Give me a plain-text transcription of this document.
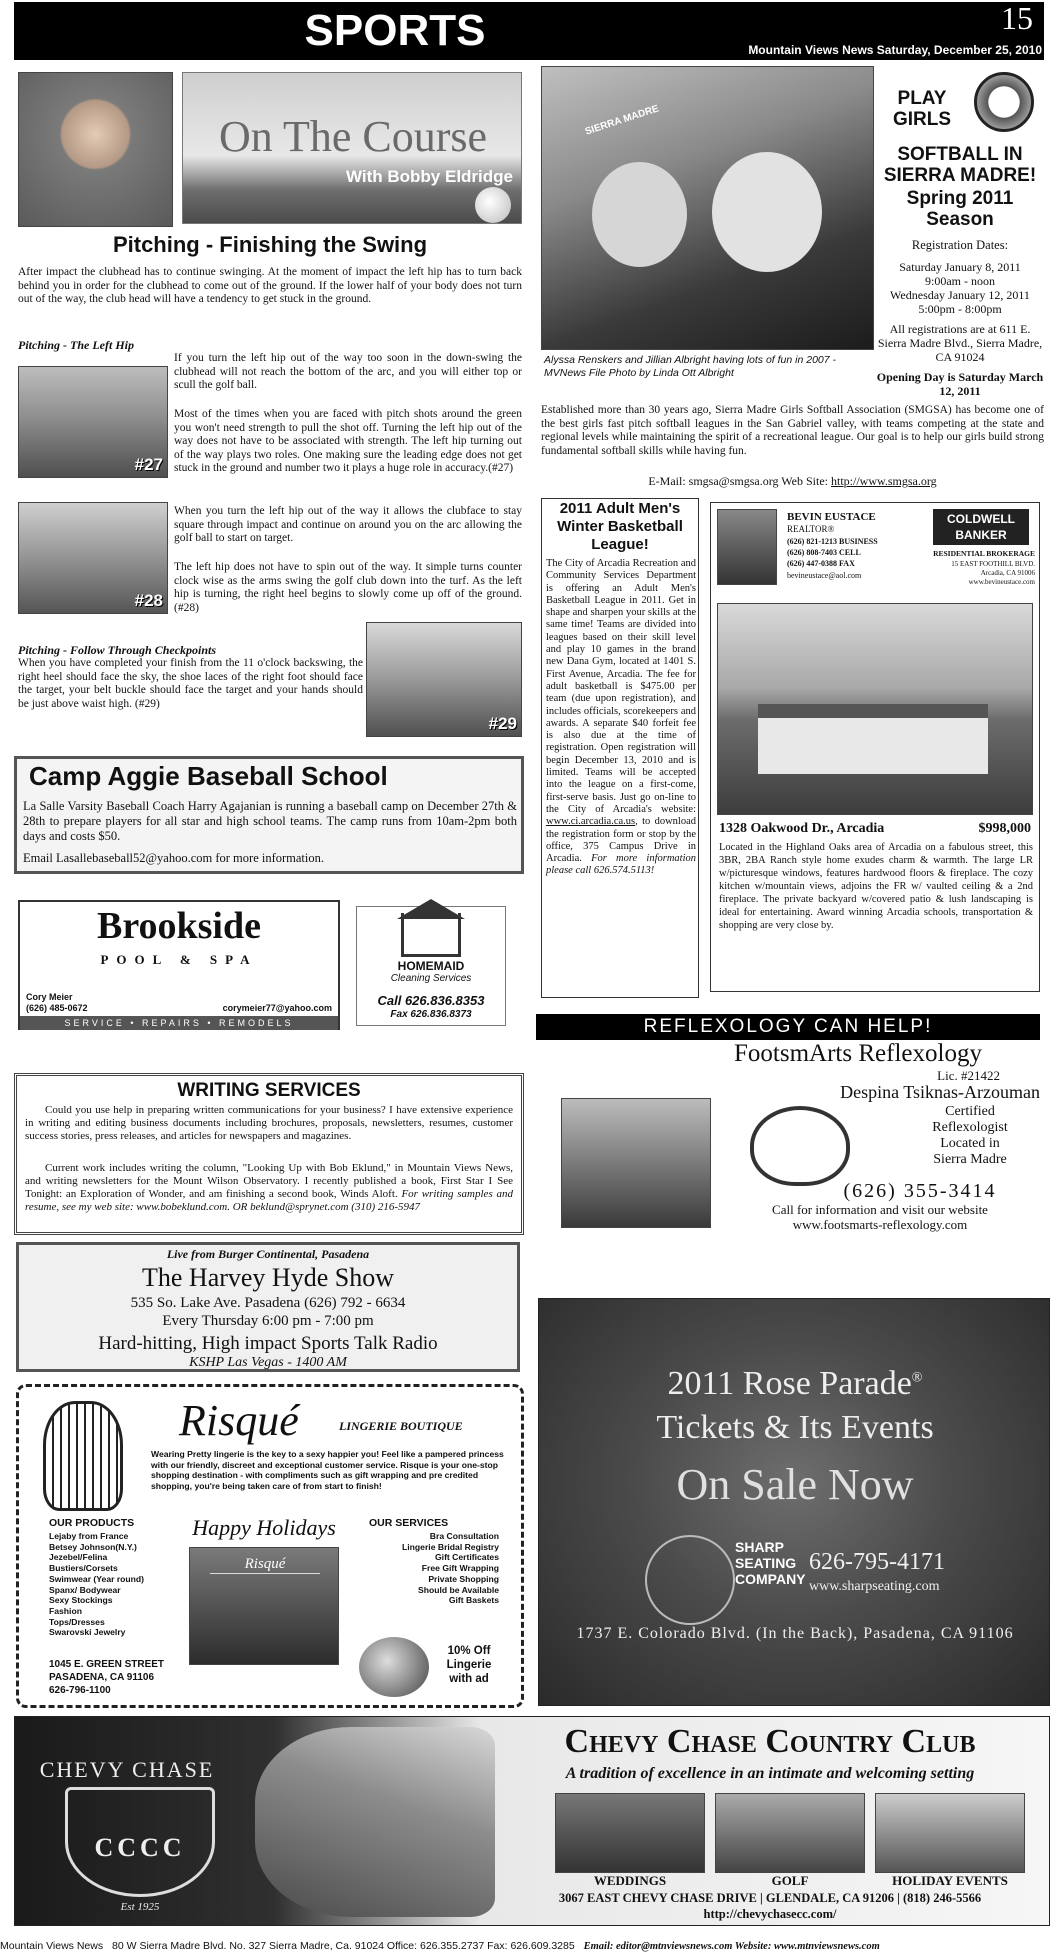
SPORTS	15
Mountain Views News Saturday, December 25, 2010
On The Course
With Bobby Eldridge
Pitching - Finishing the Swing

After impact the clubhead has to continue swinging. At the moment of impact the left hip has to turn back behind you in order for the clubhead to come out of the ground. If the lower half of your body does not turn out of the way, the club head will have a tendency to get stuck in the ground.

Pitching - The Left Hip

#27

If you turn the left hip out of the way too soon in the down-swing the clubhead will not reach the bottom of the arc, and you will either top or scull the golf ball.

Most of the times when you are faced with pitch shots around the green you won't need strength to pull the shot off. Turning the left hip out of the way does not have to be associated with strength. The left hip turning out of the way plays two roles. One making sure the leading edge does not get stuck in the ground and number two it plays a huge role in accuracy.(#27)

#28

When you turn the left hip out of the way it allows the clubface to stay square through impact and continue on around you on the arc allowing the golf ball to start on target.

The left hip does not have to spin out of the way. It simple turns counter clock wise as the arms swing the golf club down into the turf. As the left hip is turning, the right heel begins to slowly come up off of the ground. (#28)

Pitching - Follow Through Checkpoints

When you have completed your finish from the 11 o'clock backswing, the right heel should face the sky, the shoe laces of the right foot should face the target, your belt buckle should face the target and your hands should be just above waist high. (#29)

#29
SIERRA MADRE

Alyssa Renskers and Jillian Albright having lots of fun in 2007 - MVNews File Photo by Linda Ott Albright

PLAY GIRLS
SOFTBALL IN SIERRA MADRE!
Spring 2011 Season
Registration Dates:
Saturday January 8, 2011
9:00am - noon
Wednesday January 12, 2011
5:00pm - 8:00pm
All registrations are at 611 E. Sierra Madre Blvd., Sierra Madre, CA 91024
Opening Day is Saturday March 12, 2011

Established more than 30 years ago, Sierra Madre Girls Softball Association (SMGSA) has become one of the best girls fast pitch softball leagues in the San Gabriel valley, with teams competing at the state and regional levels while maintaining the spirit of a recreational league. Our goal is to help our girls build strong fundamental softball skills while having fun.

E-Mail: smgsa@smgsa.org Web Site: http://www.smgsa.org
2011 Adult Men's Winter Basketball League!

The City of Arcadia Recreation and Community Services Department is offering an Adult Men's Basketball League in 2011. Get in shape and sharpen your skills at the same time! Teams are divided into leagues based on their skill level and play 10 games in the brand new Dana Gym, located at 1401 S. First Avenue, Arcadia. The fee for adult basketball is $475.00 per team (due upon registration), and includes officials, scorekeepers and awards. A separate $40 forfeit fee is also due at the time of registration. Open registration will begin December 13, 2010 and is limited. Teams will be accepted into the league on a first-come, first-serve basis. Just go on-line to the City of Arcadia's website: www.ci.arcadia.ca.us, to download the registration form or stop by the office, 375 Campus Drive in Arcadia. For more information please call 626.574.5113!

BEVIN EUSTACE
REALTOR®
(626) 821-1213 BUSINESS
(626) 808-7403 CELL
(626) 447-0388 FAX
bevineustace@aol.com
COLDWELL
BANKER
RESIDENTIAL BROKERAGE
15 EAST FOOTHILL BLVD.
Arcadia, CA 91006
www.bevineustace.com
1328 Oakwood Dr., Arcadia	$998,000

Located in the Highland Oaks area of Arcadia on a fabulous street, this 3BR, 2BA Ranch style home exudes charm & warmth. The large LR w/picturesque windows, features hardwood floors & fireplace. The cozy kitchen w/mountain views, adjoins the FR w/ vaulted ceiling & a 2nd fireplace. The private backyard w/covered patio & lush landscaping is ideal for entertaining. Award winning Arcadia schools, transportation & shopping are very close by.

Camp Aggie Baseball School

La Salle Varsity Baseball Coach Harry Agajanian is running a baseball camp on December 27th & 28th to prepare players for all star and high school teams. The camp runs from 10am-2pm both days and costs $50.

Email Lasallebaseball52@yahoo.com for more information.

Brookside
POOL & SPA
Cory Meier
(626) 485-0672	corymeier77@yahoo.com
SERVICE • REPAIRS • REMODELS
HOMEMAID
Cleaning Services
Call 626.836.8353
Fax 626.836.8373
REFLEXOLOGY CAN HELP!
FootsmArts Reflexology
Lic. #21422
Despina Tsiknas-Arzouman
Certified
Reflexologist
Located in
Sierra Madre
(626) 355-3414
Call for information and visit our website
www.footsmarts-reflexology.com
WRITING SERVICES

Could you use help in preparing written communications for your business? I have extensive experience in writing and editing business documents including brochures, proposals, newsletters, resumes, customer success stories, press releases, and articles for newspapers and magazines.

Current work includes writing the column, "Looking Up with Bob Eklund," in Mountain Views News, and writing newsletters for the Mount Wilson Observatory. I recently published a book, First Star I See Tonight: an Exploration of Wonder, and am finishing a second book, Winds Aloft. For writing samples and resume, see my web site: www.bobeklund.com. OR beklund@sprynet.com (310) 216-5947

Live from Burger Continental, Pasadena
The Harvey Hyde Show
535 So. Lake Ave. Pasadena (626) 792 - 6634
Every Thursday 6:00 pm - 7:00 pm
Hard-hitting, High impact Sports Talk Radio
KSHP Las Vegas - 1400 AM
Risqué	LINGERIE BOUTIQUE

Wearing Pretty lingerie is the key to a sexy happier you! Feel like a pampered princess with our friendly, discreet and exceptional customer service. Risque is your one-stop shopping destination - with compliments such as gift wrapping and pre credited shopping, you're being taken care of from start to finish!

OUR PRODUCTS
Lejaby from France
Betsey Johnson(N.Y.)
Jezebel/Felina
Bustiers/Corsets
Swimwear (Year round)
Spanx/ Bodywear
Sexy Stockings
Fashion
Tops/Dresses
Swarovski Jewelry
Happy Holidays
Risqué
OUR SERVICES
Bra Consultation
Lingerie Bridal Registry
Gift Certificates
Free Gift Wrapping
Private Shopping
Should be Available
Gift Baskets
1045 E. GREEN STREET
PASADENA, CA 91106
626-796-1100
10% Off
Lingerie
with ad
2011 Rose Parade®
Tickets & Its Events
On Sale Now
SHARP
SEATING
COMPANY
626-795-4171
www.sharpseating.com
1737 E. Colorado Blvd. (In the Back), Pasadena, CA 91106
CHEVY CHASE
CCCC
Est 1925
Chevy Chase Country Club
A tradition of excellence in an intimate and welcoming setting
WEDDINGS	GOLF	HOLIDAY EVENTS
3067 EAST CHEVY CHASE DRIVE | GLENDALE, CA 91206 | (818) 246-5566
http://chevychasecc.com/
Mountain Views News 80 W Sierra Madre Blvd. No. 327 Sierra Madre, Ca. 91024 Office: 626.355.2737 Fax: 626.609.3285 Email: editor@mtnviewsnews.com Website: www.mtnviewsnews.com
